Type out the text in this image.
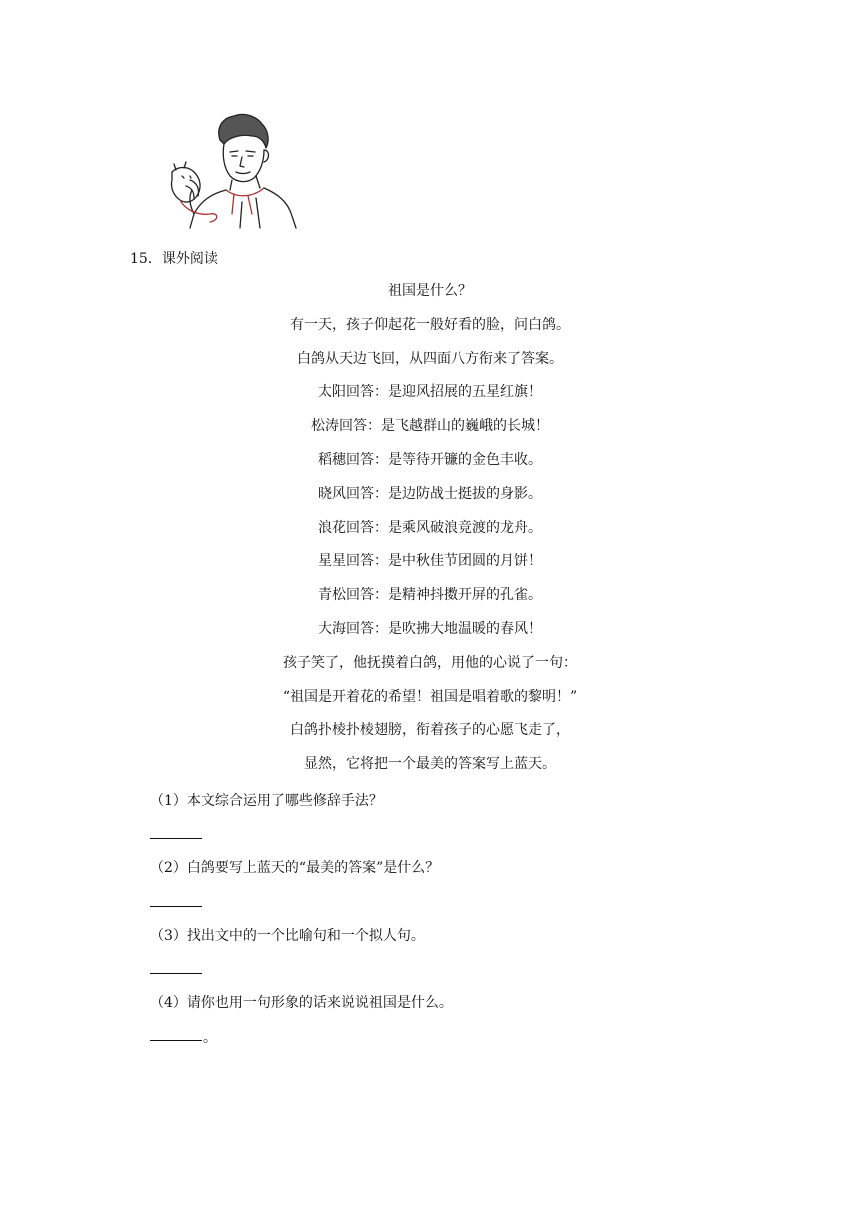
15．课外阅读
祖国是什么？
有一天，孩子仰起花一般好看的脸，问白鸽。
白鸽从天边飞回，从四面八方衔来了答案。
太阳回答：是迎风招展的五星红旗！
松涛回答：是飞越群山的巍峨的长城！
稻穗回答：是等待开镰的金色丰收。
晓风回答：是边防战士挺拔的身影。
浪花回答：是乘风破浪竞渡的龙舟。
星星回答：是中秋佳节团圆的月饼！
青松回答：是精神抖擞开屏的孔雀。
大海回答：是吹拂大地温暖的春风！
孩子笑了，他抚摸着白鸽，用他的心说了一句：
“祖国是开着花的希望！祖国是唱着歌的黎明！”
白鸽扑棱扑棱翅膀，衔着孩子的心愿飞走了，
显然，它将把一个最美的答案写上蓝天。
（1）本文综合运用了哪些修辞手法？
（2）白鸽要写上蓝天的“最美的答案”是什么？
（3）找出文中的一个比喻句和一个拟人句。
（4）请你也用一句形象的话来说说祖国是什么。
。
